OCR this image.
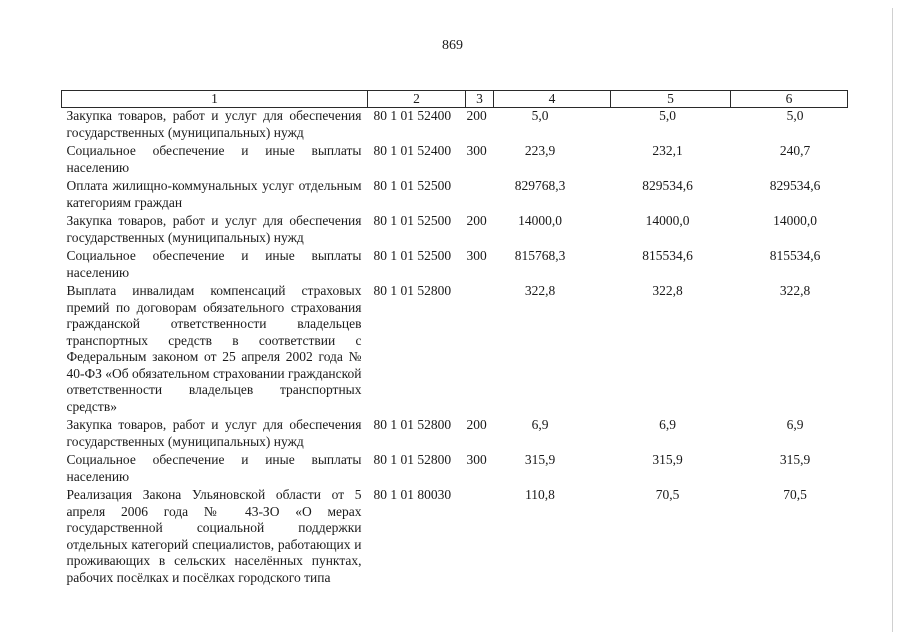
869
1	2	3	4	5	6
Закупка товаров, работ и услуг для обеспечения государственных (муниципальных) нужд	80 1 01 52400	200	5,0	5,0	5,0
Социальное обеспечение и иные выплаты населению	80 1 01 52400	300	223,9	232,1	240,7
Оплата жилищно-коммунальных услуг отдельным категориям граждан	80 1 01 52500		829768,3	829534,6	829534,6
Закупка товаров, работ и услуг для обеспечения государственных (муниципальных) нужд	80 1 01 52500	200	14000,0	14000,0	14000,0
Социальное обеспечение и иные выплаты населению	80 1 01 52500	300	815768,3	815534,6	815534,6
Выплата инвалидам компенсаций страховых премий по договорам обязательного страхования гражданской ответственности владельцев транспортных средств в соответствии с Федеральным законом от 25 апреля 2002 года № 40-ФЗ «Об обязательном страховании гражданской ответственности владельцев транспортных средств»	80 1 01 52800		322,8	322,8	322,8
Закупка товаров, работ и услуг для обеспечения государственных (муниципальных) нужд	80 1 01 52800	200	6,9	6,9	6,9
Социальное обеспечение и иные выплаты населению	80 1 01 52800	300	315,9	315,9	315,9
Реализация Закона Ульяновской области от 5 апреля 2006 года № 43-ЗО «О мерах государственной социальной поддержки отдельных категорий специалистов, работающих и проживающих в сельских населённых пунктах, рабочих посёлках и посёлках городского типа	80 1 01 80030		110,8	70,5	70,5
